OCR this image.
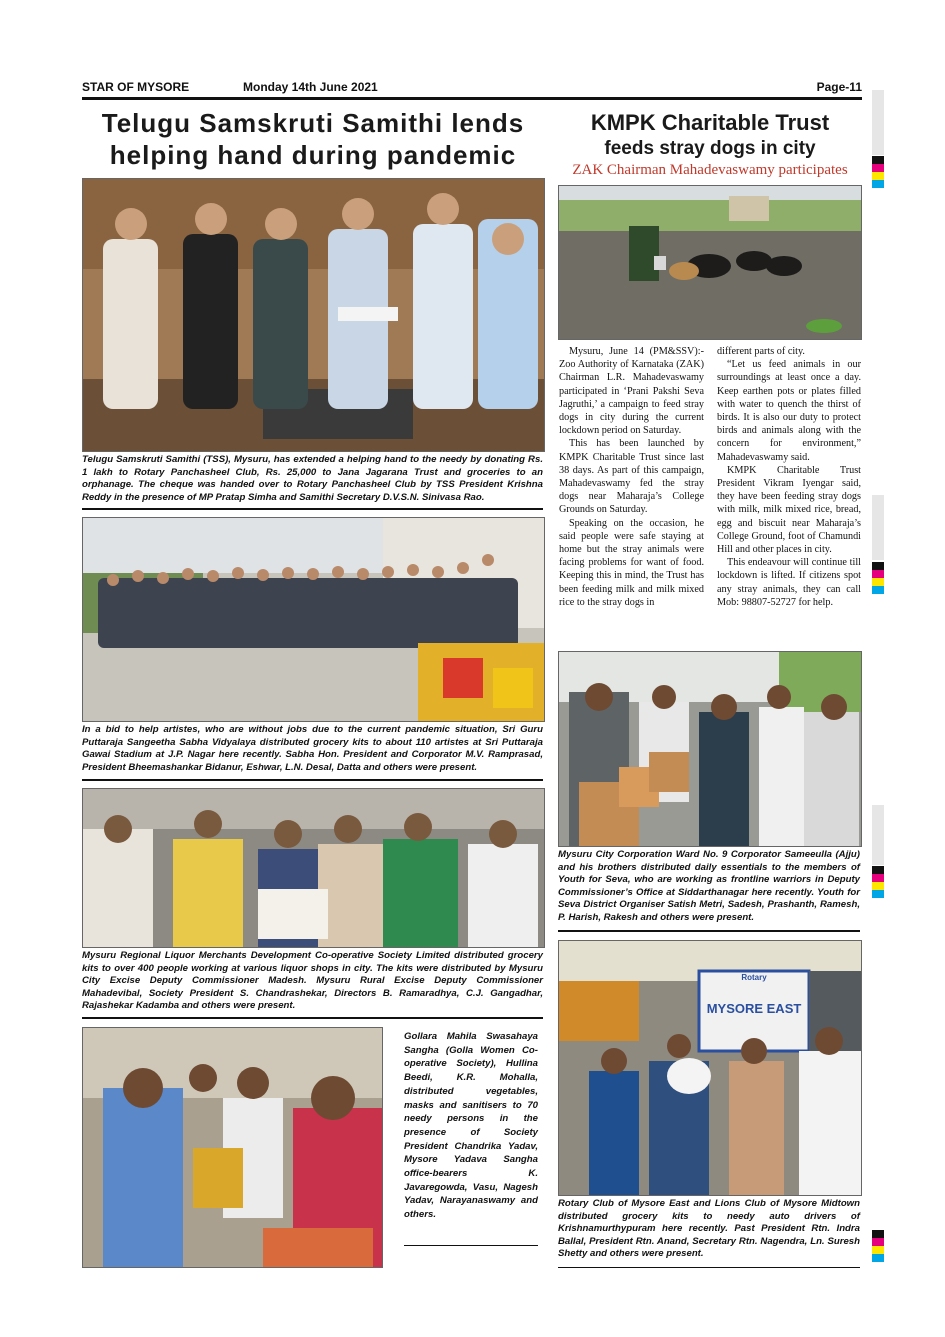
STAR OF MYSORE	Monday 14th June 2021	Page-11
Telugu Samskruti Samithi lends helping hand during pandemic
Telugu Samskruti Samithi (TSS), Mysuru, has extended a helping hand to the needy by donating Rs. 1 lakh to Rotary Panchasheel Club, Rs. 25,000 to Jana Jagarana Trust and groceries to an orphanage. The cheque was handed over to Rotary Panchasheel Club by TSS President Krishna Reddy in the presence of MP Pratap Simha and Samithi Secretary D.V.S.N. Sinivasa Rao.
In a bid to help artistes, who are without jobs due to the current pandemic situation, Sri Guru Puttaraja Sangeetha Sabha Vidyalaya distributed grocery kits to about 110 artistes at Sri Puttaraja Gawai Stadium at J.P. Nagar here recently. Sabha Hon. President and Corporator M.V. Ramprasad, President Bheemashankar Bidanur, Eshwar, L.N. Desal, Datta and others were present.
Mysuru Regional Liquor Merchants Development Co-operative Society Limited distributed grocery kits to over 400 people working at various liquor shops in city. The kits were distributed by Mysuru City Excise Deputy Commissioner Madesh. Mysuru Rural Excise Deputy Commissioner Mahadevibal, Society President S. Chandrashekar, Directors B. Ramaradhya, C.J. Gangadhar, Rajashekar Kadamba and others were present.
Gollara Mahila Swasahaya Sangha (Golla Women Co-operative Society), Hullina Beedi, K.R. Mohalla, distributed vegetables, masks and sanitisers to 70 needy persons in the presence of Society President Chandrika Yadav, Mysore Yadava Sangha office-bearers K. Javaregowda, Vasu, Nagesh Yadav, Narayanaswamy and others.
KMPK Charitable Trust
feeds stray dogs in city
ZAK Chairman Mahadevaswamy participates

Mysuru, June 14 (PM&SSV):- Zoo Authority of Karnataka (ZAK) Chairman L.R. Mahadevaswamy participated in ‘Prani Pakshi Seva Jagruthi,’ a campaign to feed stray dogs in city during the current lockdown period on Saturday.

This has been launched by KMPK Charitable Trust since last 38 days. As part of this campaign, Mahadevaswamy fed the stray dogs near Maharaja’s College Grounds on Saturday.

Speaking on the occasion, he said people were safe staying at home but the stray animals were facing problems for want of food. Keeping this in mind, the Trust has been feeding milk and milk mixed rice to the stray dogs in

different parts of city.

“Let us feed animals in our surroundings at least once a day. Keep earthen pots or plates filled with water to quench the thirst of birds. It is also our duty to protect birds and animals along with the concern for environment,” Mahadevaswamy said.

KMPK Charitable Trust President Vikram Iyengar said, they have been feeding stray dogs with milk, milk mixed rice, bread, egg and biscuit near Maharaja’s College Ground, foot of Chamundi Hill and other places in city.

This endeavour will continue till lockdown is lifted. If citizens spot any stray animals, they can call Mob: 98807-52727 for help.

Mysuru City Corporation Ward No. 9 Corporator Sameeulla (Ajju) and his brothers distributed daily essentials to the members of Youth for Seva, who are working as frontline warriors in Deputy Commissioner’s Office at Siddarthanagar here recently. Youth for Seva District Organiser Satish Metri, Sadesh, Prashanth, Ramesh, P. Harish, Rakesh and others were present.
Rotary
MYSORE EAST
Rotary Club of Mysore East and Lions Club of Mysore Midtown distributed grocery kits to needy auto drivers of Krishnamurthypuram here recently. Past President Rtn. Indra Ballal, President Rtn. Anand, Secretary Rtn. Nagendra, Ln. Suresh Shetty and others were present.
